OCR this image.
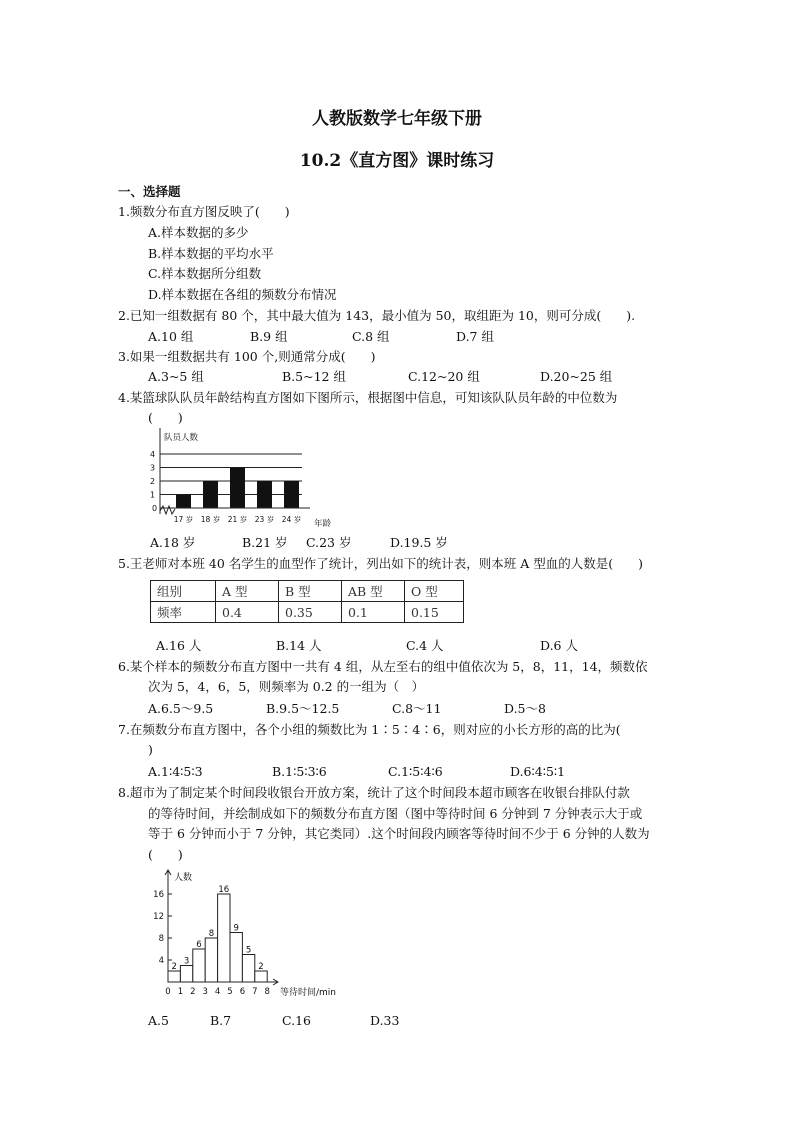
人教版数学七年级下册
10.2《直方图》课时练习
一、选择题
1.频数分布直方图反映了(　　)
A.样本数据的多少
B.样本数据的平均水平
C.样本数据所分组数
D.样本数据在各组的频数分布情况
2.已知一组数据有 80 个，其中最大值为 143，最小值为 50，取组距为 10，则可分成(　　).
A.10 组	B.9 组	C.8 组	D.7 组
3.如果一组数据共有 100 个,则通常分成(　　)
A.3~5 组	B.5~12 组	C.12~20 组	D.20~25 组
4.某篮球队队员年龄结构直方图如下图所示，根据图中信息，可知该队队员年龄的中位数为
(　　)
0
队员人数
年龄
1
2
3
4
17 岁 18 岁 21 岁 23 岁 24 岁
A.18 岁	B.21 岁 C.23 岁	D.19.5 岁
5.王老师对本班 40 名学生的血型作了统计，列出如下的统计表，则本班 A 型血的人数是(　　)
组别	A 型	B 型	AB 型	O 型
频率	0.4	0.35	0.1	0.15
A.16 人	B.14 人	C.4 人	D.6 人
6.某个样本的频数分布直方图中一共有 4 组，从左至右的组中值依次为 5，8，11，14，频数依
次为 5，4，6，5，则频率为 0.2 的一组为（　）
A.6.5～9.5	B.9.5～12.5	C.8～11	D.5～8
7.在频数分布直方图中，各个小组的频数比为 1∶5∶4∶6，则对应的小长方形的高的比为(
)
A.1∶4∶5∶3	B.1∶5∶3∶6	C.1∶5∶4∶6	D.6∶4∶5∶1
8.超市为了制定某个时间段收银台开放方案，统计了这个时间段本超市顾客在收银台排队付款
的等待时间，并绘制成如下的频数分布直方图（图中等待时间 6 分钟到 7 分钟表示大于或
等于 6 分钟而小于 7 分钟，其它类同）.这个时间段内顾客等待时间不少于 6 分钟的人数为
(　　)
4
8
12
16
0 1 2 3 4 5 6 7 8
2
3
6
8
16
9
5
2
人数
等待时间/min
A.5	B.7	C.16	D.33
